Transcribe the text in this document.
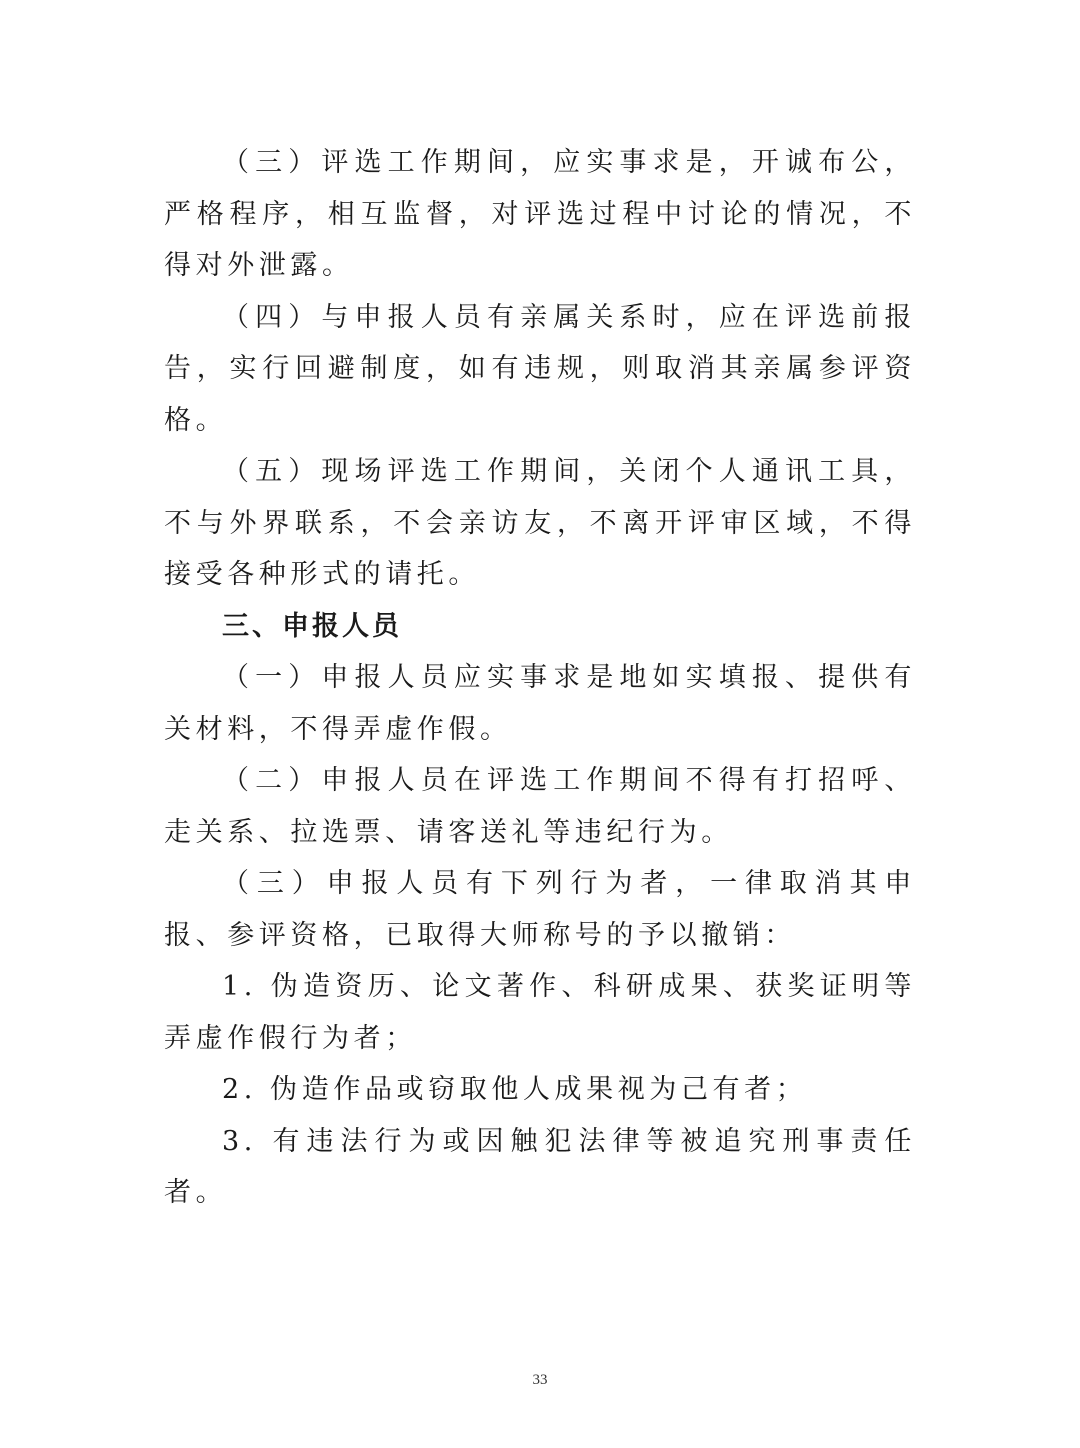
（三）评选工作期间，应实事求是，开诚布公，严格程序，相互监督，对评选过程中讨论的情况，不得对外泄露。

（四）与申报人员有亲属关系时，应在评选前报告，实行回避制度，如有违规，则取消其亲属参评资格。

（五）现场评选工作期间，关闭个人通讯工具，不与外界联系，不会亲访友，不离开评审区域，不得接受各种形式的请托。

三、申报人员

（一）申报人员应实事求是地如实填报、提供有关材料，不得弄虚作假。

（二）申报人员在评选工作期间不得有打招呼、走关系、拉选票、请客送礼等违纪行为。

（三）申报人员有下列行为者，一律取消其申报、参评资格，已取得大师称号的予以撤销：

1. 伪造资历、论文著作、科研成果、获奖证明等弄虚作假行为者；

2. 伪造作品或窃取他人成果视为己有者；

3. 有违法行为或因触犯法律等被追究刑事责任者。

33
